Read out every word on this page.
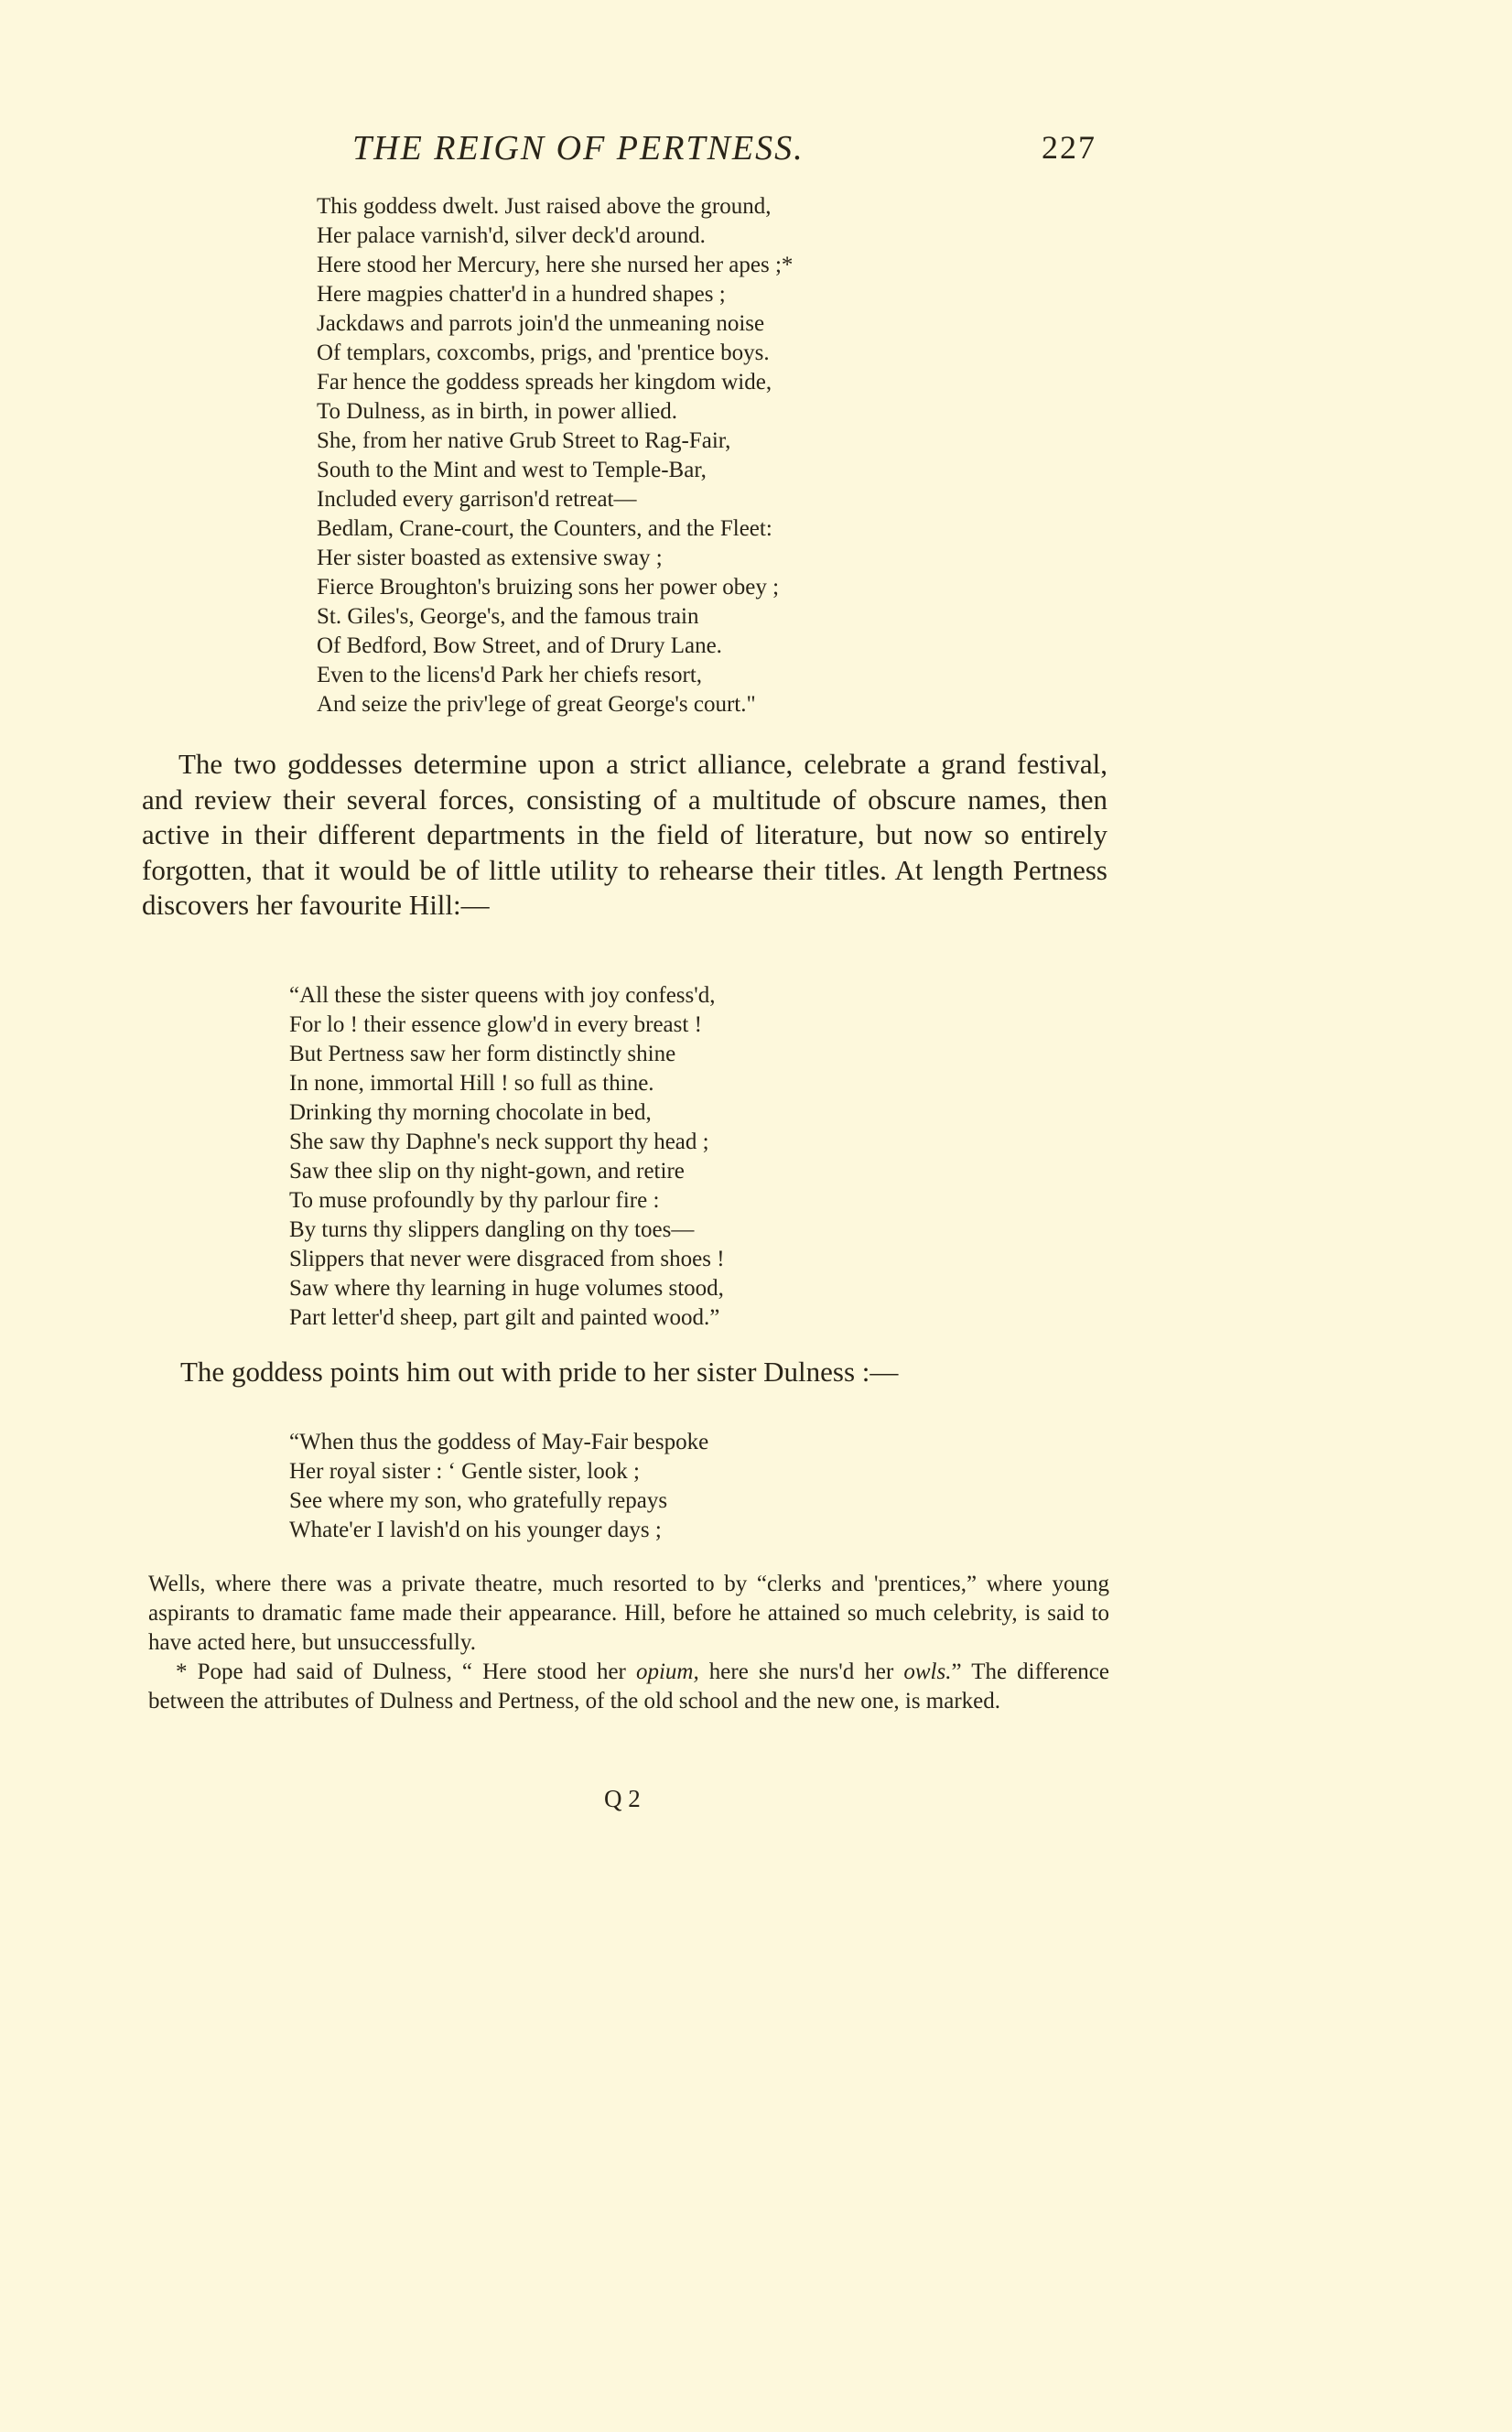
THE REIGN OF PERTNESS.	227
This goddess dwelt. Just raised above the ground,
Her palace varnish'd, silver deck'd around.
Here stood her Mercury, here she nursed her apes ;*
Here magpies chatter'd in a hundred shapes ;
Jackdaws and parrots join'd the unmeaning noise
Of templars, coxcombs, prigs, and 'prentice boys.
Far hence the goddess spreads her kingdom wide,
To Dulness, as in birth, in power allied.
She, from her native Grub Street to Rag-Fair,
South to the Mint and west to Temple-Bar,
Included every garrison'd retreat—
Bedlam, Crane-court, the Counters, and the Fleet:
Her sister boasted as extensive sway ;
Fierce Broughton's bruizing sons her power obey ;
St. Giles's, George's, and the famous train
Of Bedford, Bow Street, and of Drury Lane.
Even to the licens'd Park her chiefs resort,
And seize the priv'lege of great George's court."

The two goddesses determine upon a strict alliance, celebrate a grand festival, and review their several forces, consisting of a multitude of obscure names, then active in their different departments in the field of literature, but now so entirely forgotten, that it would be of little utility to rehearse their titles. At length Pertness discovers her favourite Hill:—

“All these the sister queens with joy confess'd,
For lo ! their essence glow'd in every breast !
But Pertness saw her form distinctly shine
In none, immortal Hill ! so full as thine.
Drinking thy morning chocolate in bed,
She saw thy Daphne's neck support thy head ;
Saw thee slip on thy night-gown, and retire
To muse profoundly by thy parlour fire :
By turns thy slippers dangling on thy toes—
Slippers that never were disgraced from shoes !
Saw where thy learning in huge volumes stood,
Part letter'd sheep, part gilt and painted wood.”

The goddess points him out with pride to her sister Dulness :—

“When thus the goddess of May-Fair bespoke
Her royal sister : ‘ Gentle sister, look ;
See where my son, who gratefully repays
Whate'er I lavish'd on his younger days ;

Wells, where there was a private theatre, much resorted to by “clerks and 'prentices,” where young aspirants to dramatic fame made their appearance. Hill, before he attained so much celebrity, is said to have acted here, but unsuccessfully.

* Pope had said of Dulness, “ Here stood her opium, here she nurs'd her owls.” The difference between the attributes of Dulness and Pertness, of the old school and the new one, is marked.

Q 2
